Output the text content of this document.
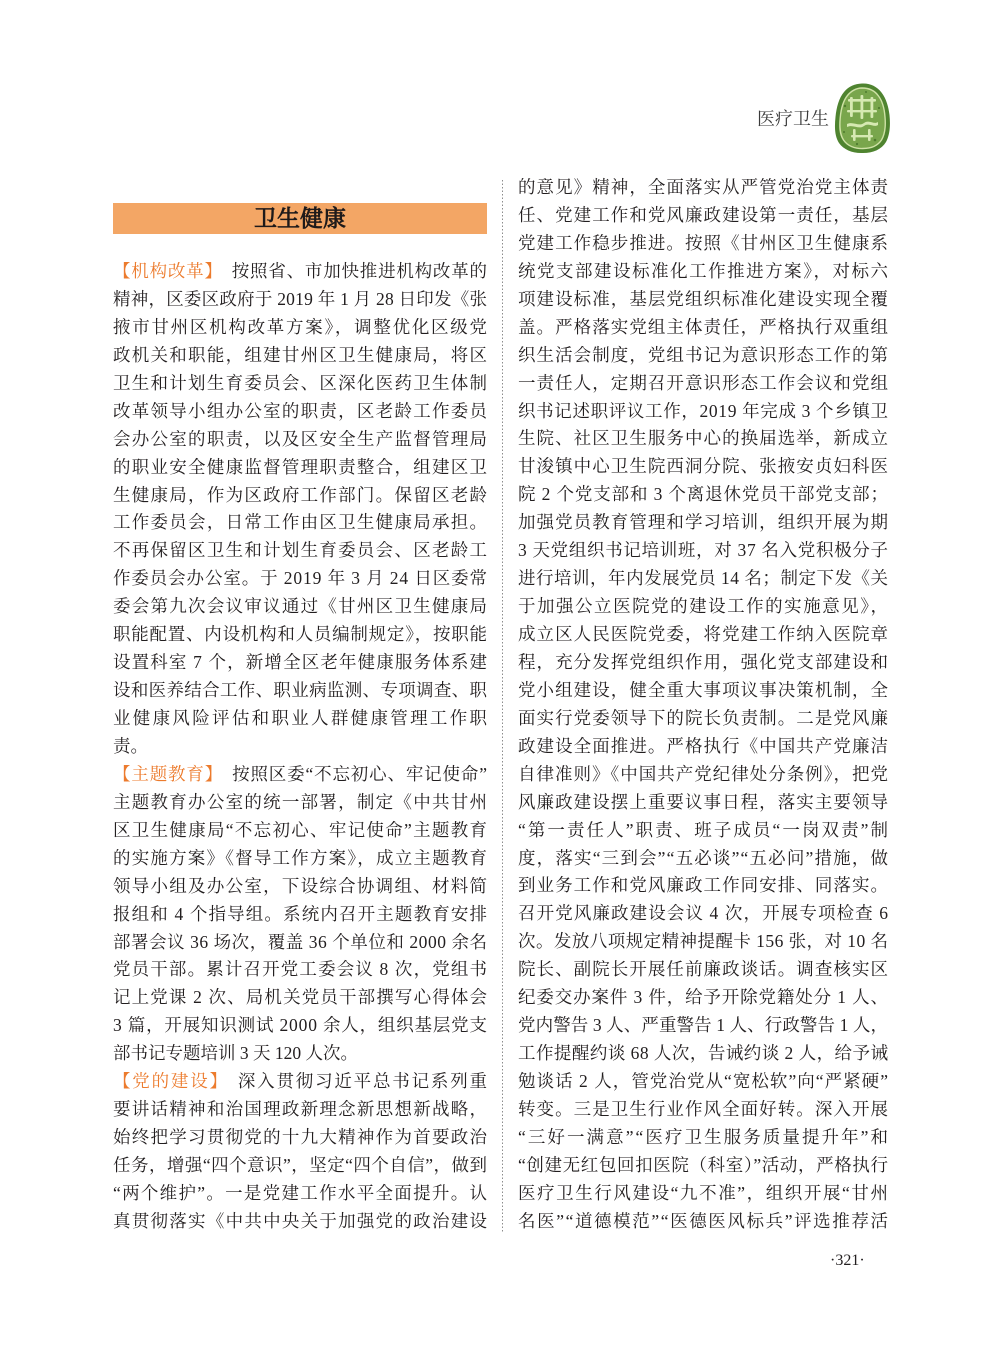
医疗卫生
卫生健康
【机构改革】 按照省、市加快推进机构改革的
精神，区委区政府于 2019 年 1 月 28 日印发《张
掖市甘州区机构改革方案》，调整优化区级党
政机关和职能，组建甘州区卫生健康局，将区
卫生和计划生育委员会、区深化医药卫生体制
改革领导小组办公室的职责，区老龄工作委员
会办公室的职责，以及区安全生产监督管理局
的职业安全健康监督管理职责整合，组建区卫
生健康局，作为区政府工作部门。保留区老龄
工作委员会，日常工作由区卫生健康局承担。
不再保留区卫生和计划生育委员会、区老龄工
作委员会办公室。于 2019 年 3 月 24 日区委常
委会第九次会议审议通过《甘州区卫生健康局
职能配置、内设机构和人员编制规定》，按职能
设置科室 7 个，新增全区老年健康服务体系建
设和医养结合工作、职业病监测、专项调查、职
业健康风险评估和职业人群健康管理工作职
责。
【主题教育】 按照区委“不忘初心、牢记使命”
主题教育办公室的统一部署，制定《中共甘州
区卫生健康局“不忘初心、牢记使命”主题教育
的实施方案》《督导工作方案》，成立主题教育
领导小组及办公室，下设综合协调组、材料简
报组和 4 个指导组。系统内召开主题教育安排
部署会议 36 场次，覆盖 36 个单位和 2000 余名
党员干部。累计召开党工委会议 8 次，党组书
记上党课 2 次、局机关党员干部撰写心得体会
3 篇，开展知识测试 2000 余人，组织基层党支
部书记专题培训 3 天 120 人次。
【党的建设】 深入贯彻习近平总书记系列重
要讲话精神和治国理政新理念新思想新战略，
始终把学习贯彻党的十九大精神作为首要政治
任务，增强“四个意识”，坚定“四个自信”，做到
“两个维护”。一是党建工作水平全面提升。认
真贯彻落实《中共中央关于加强党的政治建设
的意见》精神，全面落实从严管党治党主体责
任、党建工作和党风廉政建设第一责任，基层
党建工作稳步推进。按照《甘州区卫生健康系
统党支部建设标准化工作推进方案》，对标六
项建设标准，基层党组织标准化建设实现全覆
盖。严格落实党组主体责任，严格执行双重组
织生活会制度，党组书记为意识形态工作的第
一责任人，定期召开意识形态工作会议和党组
织书记述职评议工作，2019 年完成 3 个乡镇卫
生院、社区卫生服务中心的换届选举，新成立
甘浚镇中心卫生院西洞分院、张掖安贞妇科医
院 2 个党支部和 3 个离退休党员干部党支部；
加强党员教育管理和学习培训，组织开展为期
3 天党组织书记培训班，对 37 名入党积极分子
进行培训，年内发展党员 14 名；制定下发《关
于加强公立医院党的建设工作的实施意见》，
成立区人民医院党委，将党建工作纳入医院章
程，充分发挥党组织作用，强化党支部建设和
党小组建设，健全重大事项议事决策机制，全
面实行党委领导下的院长负责制。二是党风廉
政建设全面推进。严格执行《中国共产党廉洁
自律准则》《中国共产党纪律处分条例》，把党
风廉政建设摆上重要议事日程，落实主要领导
“第一责任人”职责、班子成员“一岗双责”制
度，落实“三到会”“五必谈”“五必问”措施，做
到业务工作和党风廉政工作同安排、同落实。
召开党风廉政建设会议 4 次，开展专项检查 6
次。发放八项规定精神提醒卡 156 张，对 10 名
院长、副院长开展任前廉政谈话。调查核实区
纪委交办案件 3 件，给予开除党籍处分 1 人、
党内警告 3 人、严重警告 1 人、行政警告 1 人，
工作提醒约谈 68 人次，告诫约谈 2 人，给予诫
勉谈话 2 人，管党治党从“宽松软”向“严紧硬”
转变。三是卫生行业作风全面好转。深入开展
“三好一满意”“医疗卫生服务质量提升年”和
“创建无红包回扣医院（科室）”活动，严格执行
医疗卫生行风建设“九不准”，组织开展“甘州
名医”“道德模范”“医德医风标兵”评选推荐活
·321·
